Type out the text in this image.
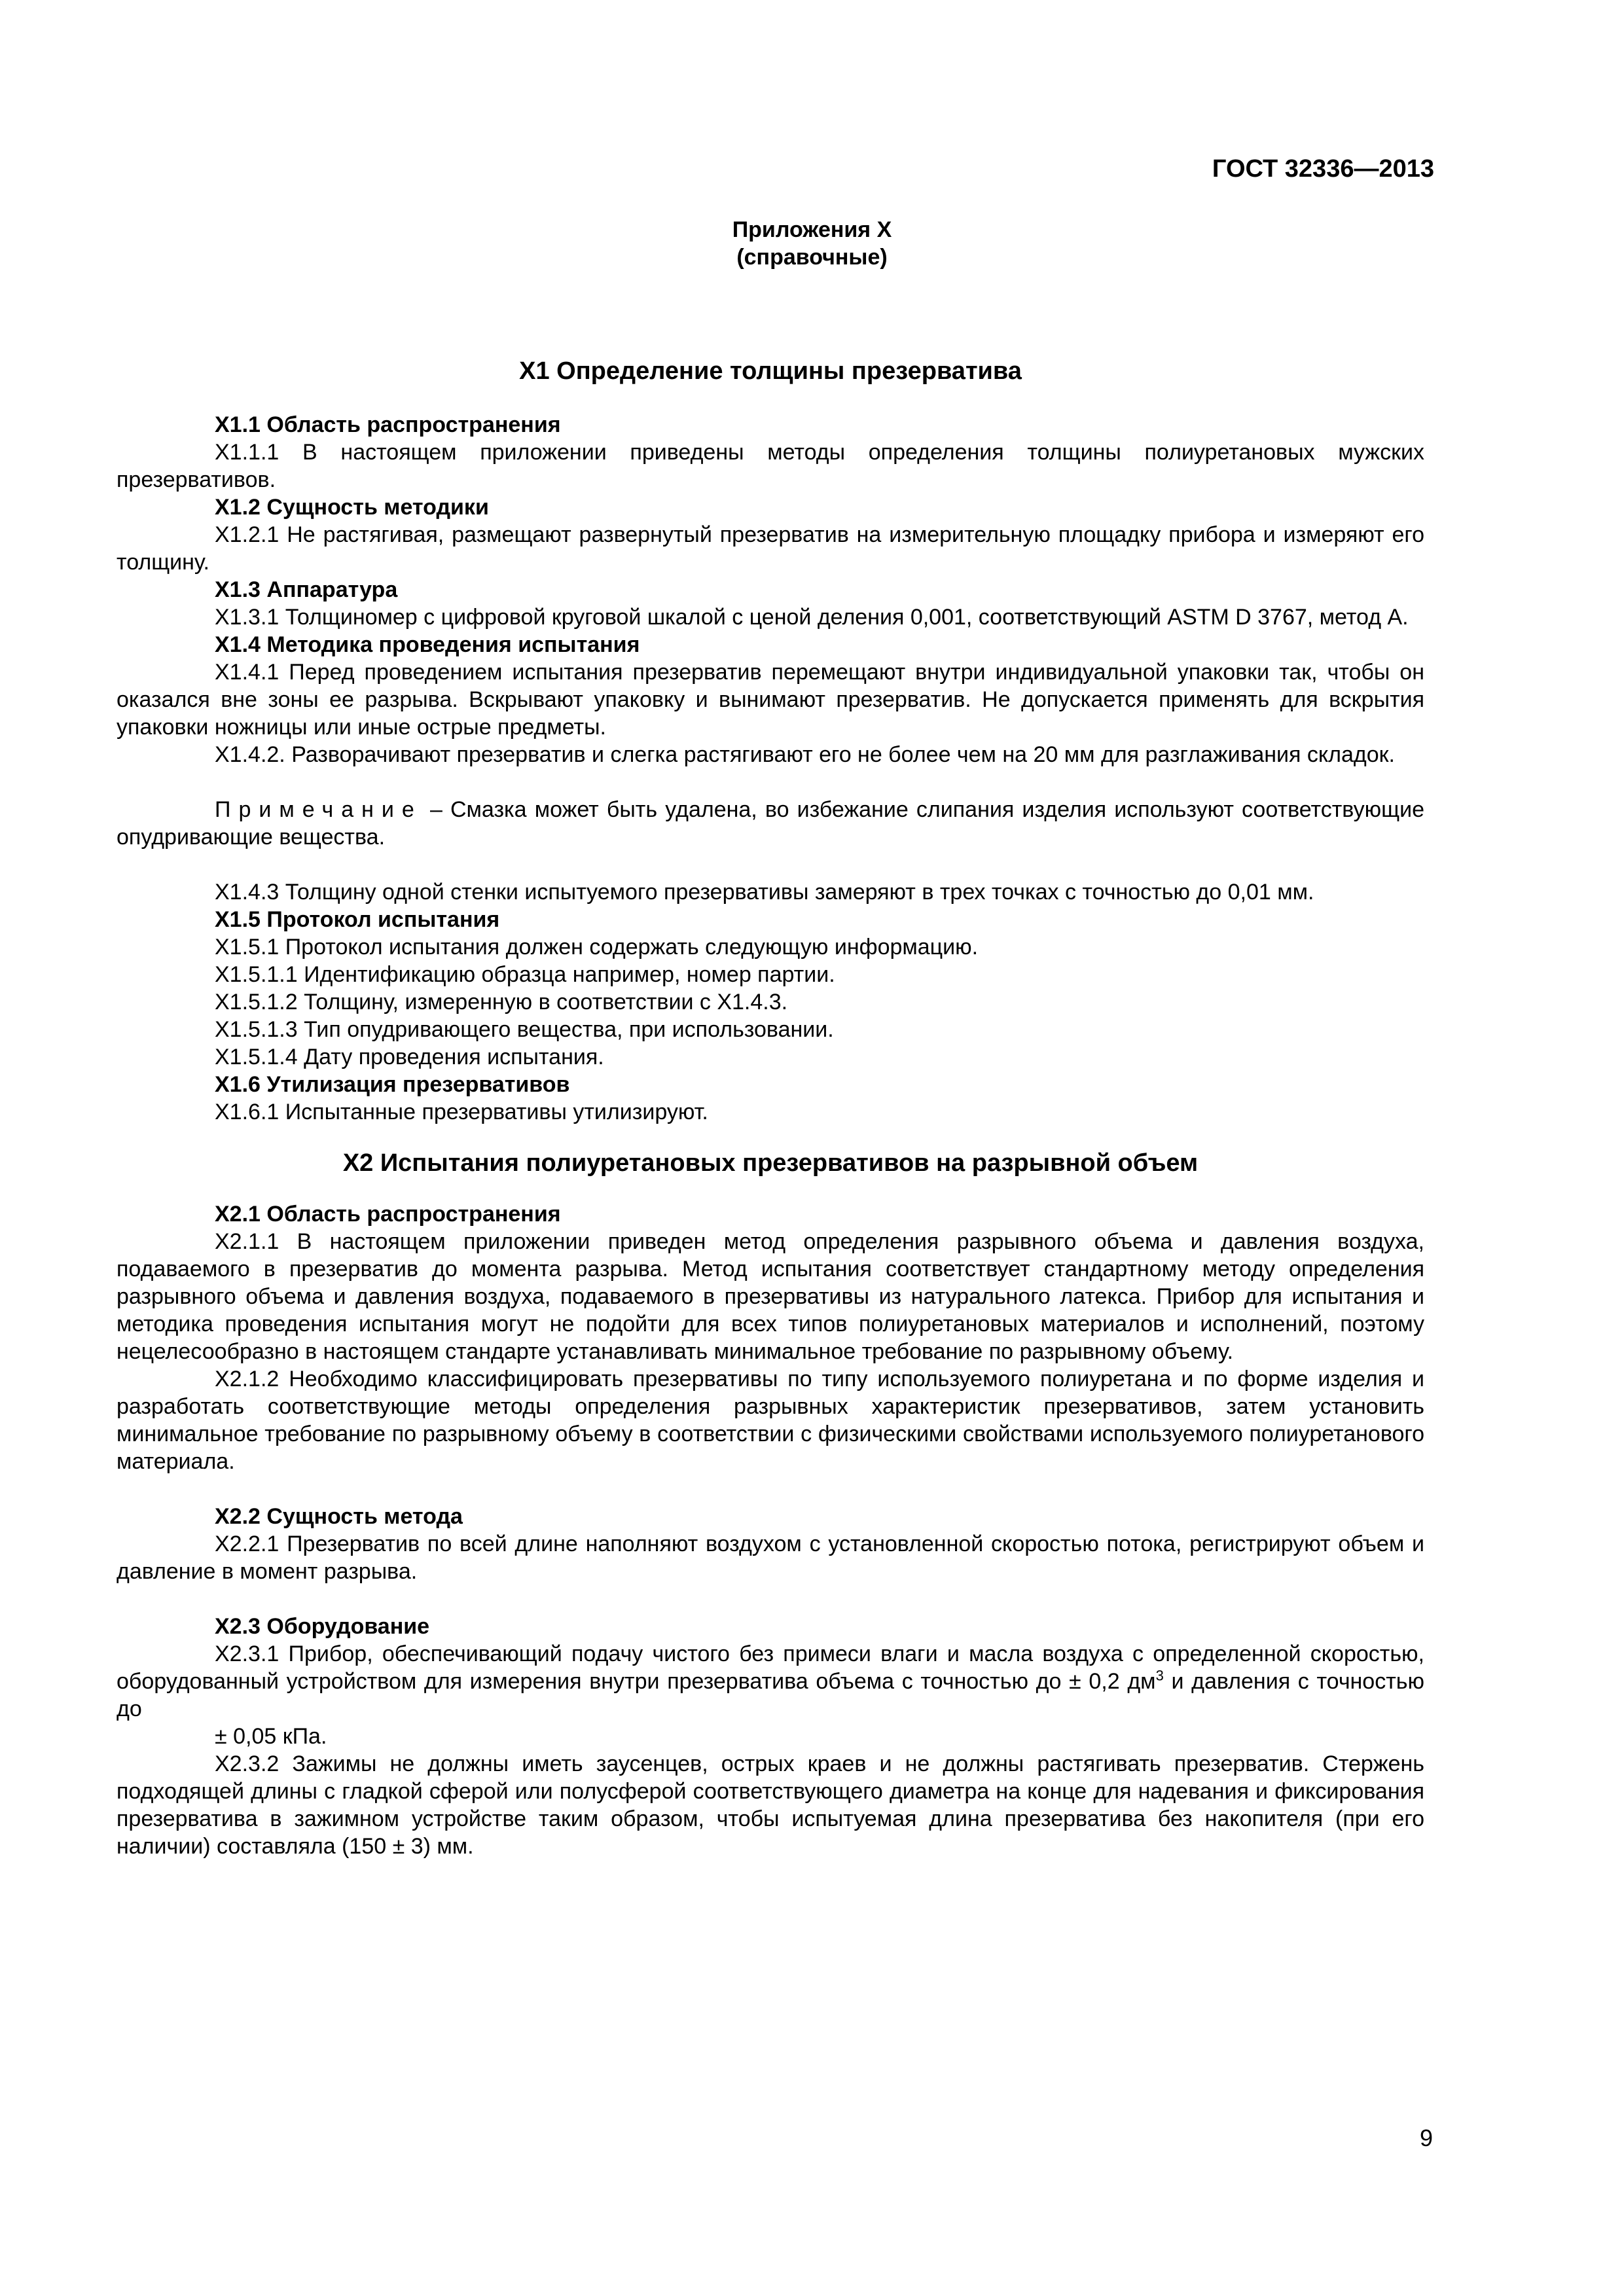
ГОСТ 32336—2013
Приложения Х
(справочные)
Х1 Определение толщины презерватива

Х1.1 Область распространения

Х1.1.1 В настоящем приложении приведены методы определения толщины полиуретановых мужских презервативов.

Х1.2 Сущность методики

Х1.2.1 Не растягивая, размещают развернутый презерватив на измерительную площадку прибора и измеряют его толщину.

Х1.3 Аппаратура

Х1.3.1 Толщиномер с цифровой круговой шкалой с ценой деления 0,001, соответствующий ASTM D 3767, метод А.

Х1.4 Методика проведения испытания

Х1.4.1 Перед проведением испытания презерватив перемещают внутри индивидуальной упаковки так, чтобы он оказался вне зоны ее разрыва. Вскрывают упаковку и вынимают презерватив. Не допускается применять для вскрытия упаковки ножницы или иные острые предметы.

Х1.4.2. Разворачивают презерватив и слегка растягивают его не более чем на 20 мм для разглаживания складок.

Примечание – Смазка может быть удалена, во избежание слипания изделия используют соответствующие опудривающие вещества.

Х1.4.3 Толщину одной стенки испытуемого презервативы замеряют в трех точках с точностью до 0,01 мм.

Х1.5 Протокол испытания

Х1.5.1 Протокол испытания должен содержать следующую информацию.

Х1.5.1.1 Идентификацию образца например, номер партии.

Х1.5.1.2 Толщину, измеренную в соответствии с Х1.4.3.

Х1.5.1.3 Тип опудривающего вещества, при использовании.

Х1.5.1.4 Дату проведения испытания.

Х1.6 Утилизация презервативов

Х1.6.1 Испытанные презервативы утилизируют.

Х2 Испытания полиуретановых презервативов на разрывной объем

Х2.1 Область распространения

Х2.1.1 В настоящем приложении приведен метод определения разрывного объема и давления воздуха, подаваемого в презерватив до момента разрыва. Метод испытания соответствует стандартному методу определения разрывного объема и давления воздуха, подаваемого в презервативы из натурального латекса. Прибор для испытания и методика проведения испытания могут не подойти для всех типов полиуретановых материалов и исполнений, поэтому нецелесообразно в настоящем стандарте устанавливать минимальное требование по разрывному объему.

Х2.1.2 Необходимо классифицировать презервативы по типу используемого полиуретана и по форме изделия и разработать соответствующие методы определения разрывных характеристик презервативов, затем установить минимальное требование по разрывному объему в соответствии с физическими свойствами используемого полиуретанового материала.

Х2.2 Сущность метода

Х2.2.1 Презерватив по всей длине наполняют воздухом с установленной скоростью потока, регистрируют объем и давление в момент разрыва.

Х2.3 Оборудование

Х2.3.1 Прибор, обеспечивающий подачу чистого без примеси влаги и масла воздуха с определенной скоростью, оборудованный устройством для измерения внутри презерватива объема с точностью до ± 0,2 $дм^3$ и давления с точностью до

± 0,05 кПа.

Х2.3.2 Зажимы не должны иметь заусенцев, острых краев и не должны растягивать презерватив. Стержень подходящей длины с гладкой сферой или полусферой соответствующего диаметра на конце для надевания и фиксирования презерватива в зажимном устройстве таким образом, чтобы испытуемая длина презерватива без накопителя (при его наличии) составляла (150 ± 3) мм.

9
